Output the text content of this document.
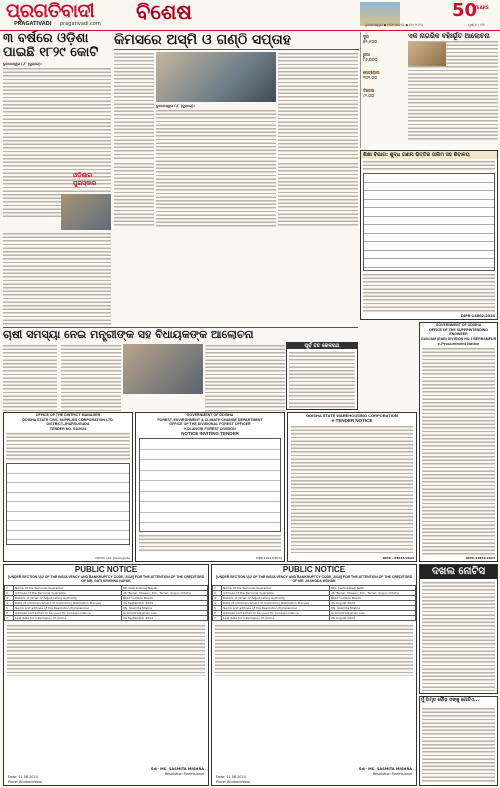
ପ୍ରଗତିବାଦୀ
PRAGATIVADI pragativadi.com ବିଶେଷ
ଭୁବନେଶ୍ୱର ▪ ମଙ୍ଗଳବାର ▪ ମେ ୨୦୨୪	ପୃଷ୍ଠା : ୧୩
50
YEARS
୩ ବର୍ଷରେ ଓଡ଼ିଶା
ପାଇଛି ୧୮୨୯ କୋଟି
ଭୁବନେଶ୍ୱର ୮/୮ (ବ୍ୟୁରୋ):
ଓଡ଼ିଶାର ପୁରସ୍କାର
କିମସରେ ଅସ୍ମି ଓ ଗଣ୍ଠି ସପ୍ତାହ
ଭୁବନେଶ୍ୱର ୮/୮ (ବ୍ୟୁରୋ):
ସୁନା
୭୨,୫୦୦
ରୁପା
୮୬,୦୦୦
ପେଟ୍ରୋଲ
୧୦୧.୦୦
ଡିଜେଲ
୯୨.୦୦
ଏକ ନାଗରିକ ବହିଃର୍ଭୂତ ଆଲୋଚନା
ଶିକ୍ଷା ବିଭାଗ: ଶୁଦ୍ଧ ଗଣନା ଭିତ୍ତିକ ତାଲିମ ସହ ଶିବାଳୟ
DIPR-14602/2024
ଚାଷୀ ସମସ୍ୟା ନେଇ ମନ୍ତ୍ରୀଙ୍କ ସହ ବିଧାୟକଙ୍କ ଆଲୋଚନା
ପୂର୍ବ ତଟ ରେଳପଥ
OFFICE OF THE DISTRICT MANAGER
ODISHA STATE CIVIL SUPPLIES CORPORATION LTD.
DISTRICT-JHARSUGUDA
TENDER NO. 04/2024
OSCSC Ltd, Jharsuguda
GOVERNMENT OF ODISHA
FOREST, ENVIRONMENT & CLIMATE CHANGE DEPARTMENT
OFFICE OF THE DIVISIONAL FOREST OFFICER
KOLANGIR FOREST DIVISION
NOTICE INVITING TENDER
OIPR-14912/2024
ODISHA STATE WAREHOUSING CORPORATION
e-TENDER NOTICE
DIPR - 28024/2024
GOVERNMENT OF ODISHA
OFFICE OF THE SUPERINTENDING ENGINEER
GANJAM (R&B) DIVISION NO.1 BERHAMPUR
e-Procurement Notice
OIPR-14852/2024
ଦଖଲ ନୋଟିସ
PUBLIC NOTICE
[UNDER SECTION 102 OF THE INSOLVENCY AND BANKRUPTCY CODE, 2016] FOR THE ATTENTION OF THE CREDITORS OF MR. GATI KRISHNA NAYAK
1	Name of the Personal Guarantor	Mr. Gati Krishna Nayak
2	Address of the Personal Guarantor	At- Tamal, Shasan, P.O.- Tamal, Angul, Odisha
3	Details of Order of Adjudicating Authority	NCLT Cuttack Bench
4	Date of commencement of Insolvency Resolution Process	04 September 2024
5	Name and address of the Resolution Professional	Ms. Sasmita Mishra
6	Address and e-mail to be used for correspondence	ip.smishra@gmail.com
7	Last date for submission of claims	24 September 2024
Sd/- MS. SASMITA MISHRA
Resolution Professional
Date: 11.08.2024
Place: Bhubaneswar
PUBLIC NOTICE
[UNDER SECTION 102 OF THE INSOLVENCY AND BANKRUPTCY CODE, 2016] FOR THE ATTENTION OF THE CREDITORS OF MR. JASHODA MOHAN
1	Name of the Personal Guarantor	Mrs. Jashodabati Nath
2	Address of the Personal Guarantor	At- Tamal, Shasan, P.O.- Tamal, Angul, Odisha
3	Details of Order of Adjudicating Authority	NCLT Cuttack Bench
4	Date of commencement of Insolvency Resolution Process	05 August 2024
5	Name and address of the Resolution Professional	Ms. Sasmita Mishra
6	Address and e-mail to be used for correspondence	ip.smishra@gmail.com
7	Last date for submission of claims	29 August 2024
Sd/- MS. SASMITA MISHRA
Resolution Professional
Date: 11.08.2024
Place: Bhubaneswar
ମୁଁ ଅମୃତ ଗୌଡ଼ ତଙ୍କୁ ଗୋଟିଏ...
